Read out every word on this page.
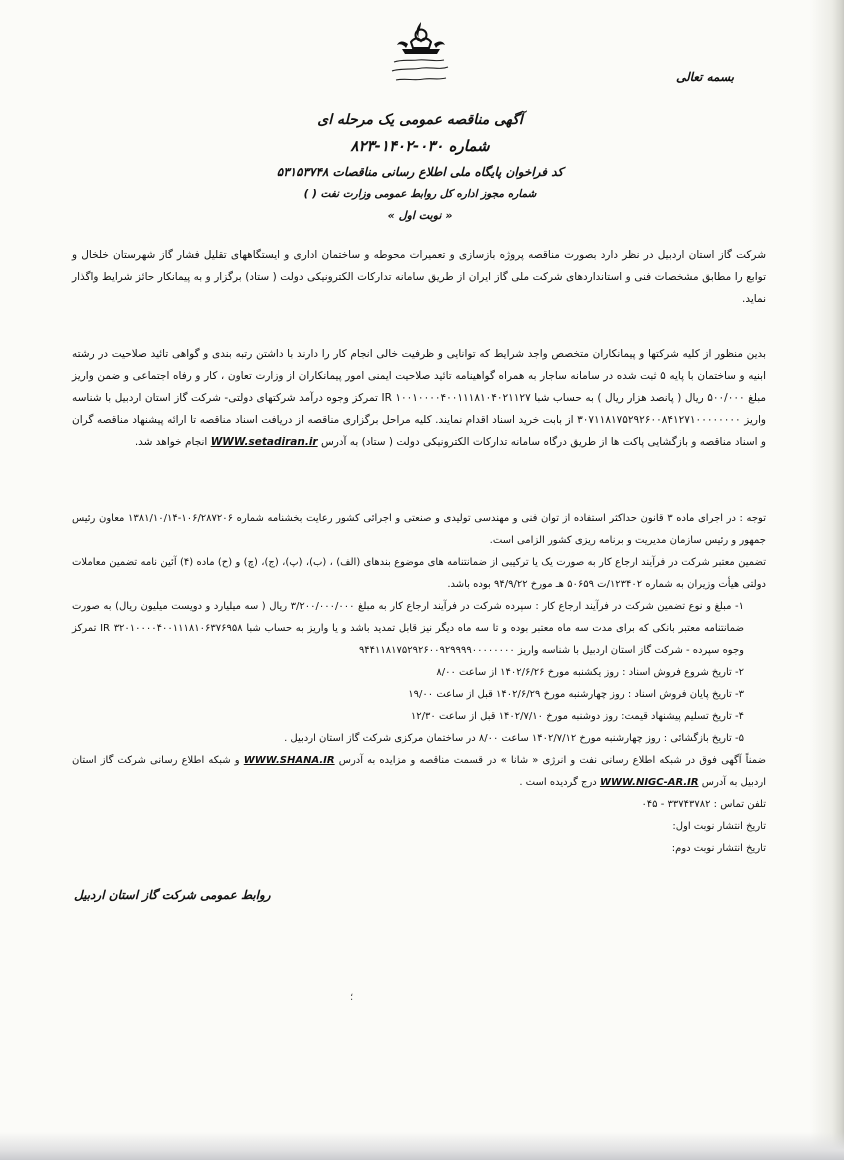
بسمه تعالی
آگهی مناقصه عمومی یک مرحله ای
شماره ۰۳۰-۱۴۰۲-۸۲۳
کد فراخوان پایگاه ملی اطلاع رسانی مناقصات ۵۳۱۵۳۷۴۸
شماره مجوز اداره کل روابط عمومی وزارت نفت ( )
« نوبت اول »
شرکت گاز استان اردبیل در نظر دارد بصورت مناقصه پروژه بازسازی و تعمیرات محوطه و ساختمان اداری و ایستگاههای تقلیل فشار گاز شهرستان خلخال و توابع را مطابق مشخصات فنی و استانداردهای شرکت ملی گاز ایران از طریق سامانه تدارکات الکترونیکی دولت ( ستاد) برگزار و به پیمانکار حائز شرایط واگذار نماید.
بدین منظور از کلیه شرکتها و پیمانکاران متخصص واجد شرایط که توانایی و ظرفیت خالی انجام کار را دارند با داشتن رتبه بندی و گواهی تائید صلاحیت در رشته ابنیه و ساختمان با پایه ۵ ثبت شده در سامانه ساجار به همراه گواهینامه تائید صلاحیت ایمنی امور پیمانکاران از وزارت تعاون ، کار و رفاه اجتماعی و ضمن واریز مبلغ ۵۰۰/۰۰۰ ریال ( پانصد هزار ریال ) به حساب شبا IR ۱۰۰۱۰۰۰۰۴۰۰۱۱۱۸۱۰۴۰۲۱۱۲۷ تمرکز وجوه درآمد شرکتهای دولتی- شرکت گاز استان اردبیل با شناسه واریز ۳۰۷۱۱۸۱۷۵۲۹۲۶۰۰۸۴۱۲۷۱۰۰۰۰۰۰۰۰ از بابت خرید اسناد اقدام نمایند. کلیه مراحل برگزاری مناقصه از دریافت اسناد مناقصه تا ارائه پیشنهاد مناقصه گران و اسناد مناقصه و بازگشایی پاکت ها از طریق درگاه سامانه تدارکات الکترونیکی دولت ( ستاد) به آدرس WWW.setadiran.ir انجام خواهد شد.

توجه : در اجرای ماده ۳ قانون حداکثر استفاده از توان فنی و مهندسی تولیدی و صنعتی و اجرائی کشور رعایت بخشنامه شماره ۱۰۶/۲۸۷۲۰۶-۱۳۸۱/۱۰/۱۴ معاون رئیس جمهور و رئیس سازمان مدیریت و برنامه ریزی کشور الزامی است.

تضمین معتبر شرکت در فرآیند ارجاع کار به صورت یک یا ترکیبی از ضمانتنامه های موضوع بندهای (الف) ، (ب)، (پ)، (ج)، (چ) و (ح) ماده (۴) آئین نامه تضمین معاملات دولتی هیأت وزیران به شماره ۱۲۳۴۰۲/ت ۵۰۶۵۹ هـ مورخ ۹۴/۹/۲۲ بوده باشد.

۱- مبلغ و نوع تضمین شرکت در فرآیند ارجاع کار : سپرده شرکت در فرآیند ارجاع کار به مبلغ ۳/۲۰۰/۰۰۰/۰۰۰ ریال ( سه میلیارد و دویست میلیون ریال) به صورت ضمانتنامه معتبر بانکی که برای مدت سه ماه معتبر بوده و تا سه ماه دیگر نیز قابل تمدید باشد و یا واریز به حساب شبا IR ۳۲۰۱۰۰۰۰۴۰۰۱۱۱۸۱۰۶۳۷۶۹۵۸ تمرکز وجوه سپرده - شرکت گاز استان اردبیل با شناسه واریز ۹۴۴۱۱۸۱۷۵۲۹۲۶۰۰۹۲۹۹۹۹۰۰۰۰۰۰۰۰

۲- تاریخ شروع فروش اسناد : روز یکشنبه مورخ ۱۴۰۲/۶/۲۶ از ساعت ۸/۰۰

۳- تاریخ پایان فروش اسناد : روز چهارشنبه مورخ ۱۴۰۲/۶/۲۹ قبل از ساعت ۱۹/۰۰

۴- تاریخ تسلیم پیشنهاد قیمت: روز دوشنبه مورخ ۱۴۰۲/۷/۱۰ قبل از ساعت ۱۲/۳۰

۵- تاریخ بازگشائی : روز چهارشنبه مورخ ۱۴۰۲/۷/۱۲ ساعت ۸/۰۰ در ساختمان مرکزی شرکت گاز استان اردبیل .

ضمناً آگهی فوق در شبکه اطلاع رسانی نفت و انرژی « شانا » در قسمت مناقصه و مزایده به آدرس WWW.SHANA.IR و شبکه اطلاع رسانی شرکت گاز استان اردبیل به آدرس WWW.NIGC-AR.IR درج گردیده است .

تلفن تماس : ۳۳۷۴۳۷۸۲ - ۰۴۵

تاریخ انتشار نوبت اول:

تاریخ انتشار نوبت دوم:

روابط عمومی شرکت گاز استان اردبیل
؛
